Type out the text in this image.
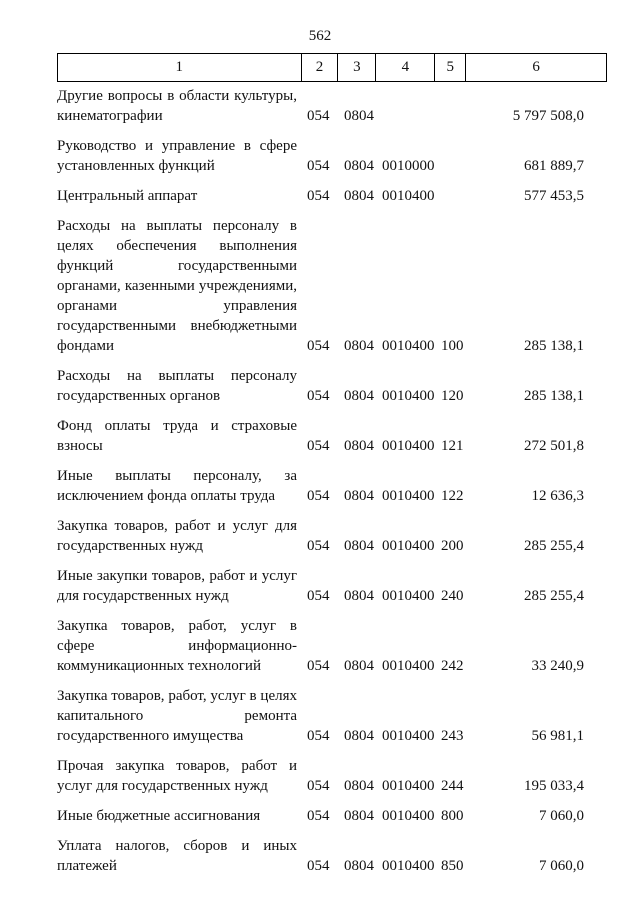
562
1	2	3	4	5	6
Другие вопросы в области культуры, кинематографии	054 0804	5 797 508,0
Руководство и управление в сфере установленных функций	054 0804 0010000	681 889,7
Центральный аппарат	054 0804 0010400	577 453,5
Расходы на выплаты персоналу в целях обеспечения выполнения функций государственными органами, казенными учреждениями, органами управления государственными внебюджетными фондами	054 0804 0010400 100	285 138,1
Расходы на выплаты персоналу государственных органов	054 0804 0010400 120	285 138,1
Фонд оплаты труда и страховые взносы	054 0804 0010400 121	272 501,8
Иные выплаты персоналу, за исключением фонда оплаты труда	054 0804 0010400 122	12 636,3
Закупка товаров, работ и услуг для государственных нужд	054 0804 0010400 200	285 255,4
Иные закупки товаров, работ и услуг для государственных нужд	054 0804 0010400 240	285 255,4
Закупка товаров, работ, услуг в сфере информационно-коммуникационных технологий	054 0804 0010400 242	33 240,9
Закупка товаров, работ, услуг в целях капитального ремонта государственного имущества	054 0804 0010400 243	56 981,1
Прочая закупка товаров, работ и услуг для государственных нужд	054 0804 0010400 244	195 033,4
Иные бюджетные ассигнования	054 0804 0010400 800	7 060,0
Уплата налогов, сборов и иных платежей	054 0804 0010400 850	7 060,0
